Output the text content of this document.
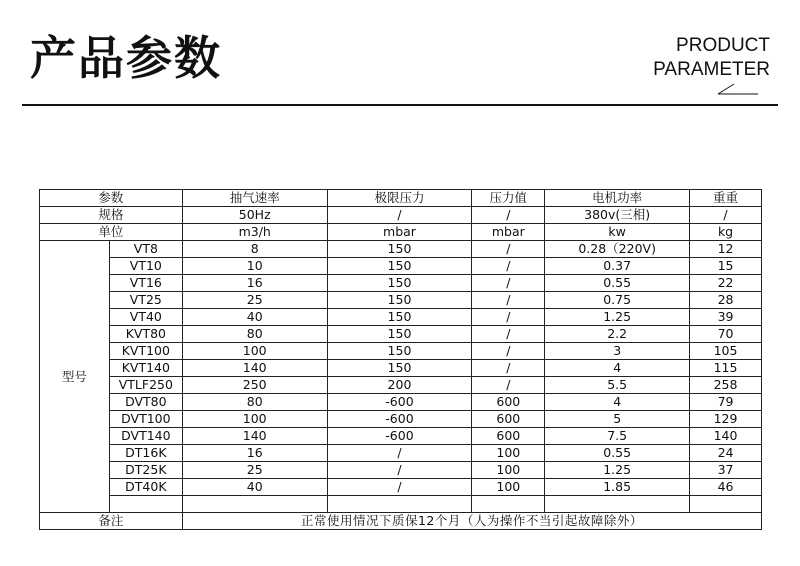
产品参数	PRODUCT
PARAMETER
参数		抽气速率	极限压力	压力值	电机功率	重重
规格		50Hz	/	/	380v(三相)	/
单位		m3/h	mbar	mbar	kw	kg
型号	VT8	8	150	/	0.28（220V)	12
	VT10	10	150	/	0.37	15
	VT16	16	150	/	0.55	22
	VT25	25	150	/	0.75	28
	VT40	40	150	/	1.25	39
	KVT80	80	150	/	2.2	70
	KVT100	100	150	/	3	105
	KVT140	140	150	/	4	115
	VTLF250	250	200	/	5.5	258
	DVT80	80	-600	600	4	79
	DVT100	100	-600	600	5	129
	DVT140	140	-600	600	7.5	140
	DT16K	16	/	100	0.55	24
	DT25K	25	/	100	1.25	37
	DT40K	40	/	100	1.85	46

备注		正常使用情况下质保12个月（人为操作不当引起故障除外）				
